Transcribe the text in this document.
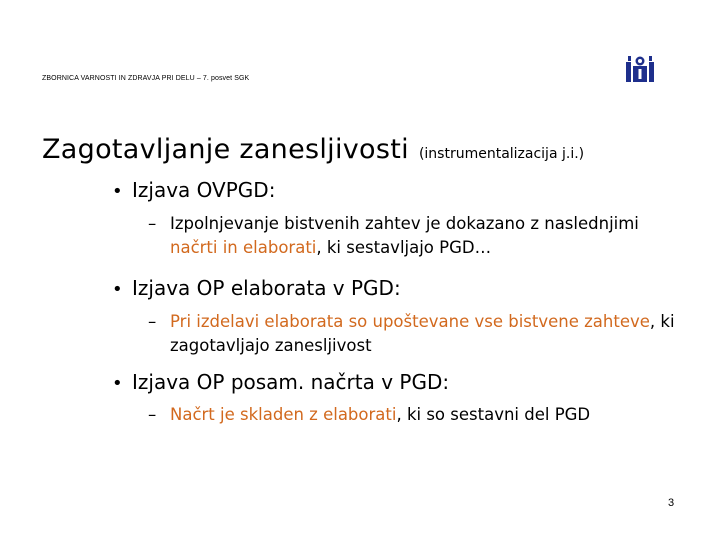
ZBORNICA VARNOSTI IN ZDRAVJA PRI DELU – 7. posvet SGK
Zagotavljanje zanesljivosti (instrumentalizacija j.i.)
• Izjava OVPGD:
– Izpolnjevanje bistvenih zahtev je dokazano z naslednjimi načrti in elaborati, ki sestavljajo PGD…
• Izjava OP elaborata v PGD:
– Pri izdelavi elaborata so upoštevane vse bistvene zahteve, ki zagotavljajo zanesljivost
• Izjava OP posam. načrta v PGD:
– Načrt je skladen z elaborati, ki so sestavni del PGD
3
